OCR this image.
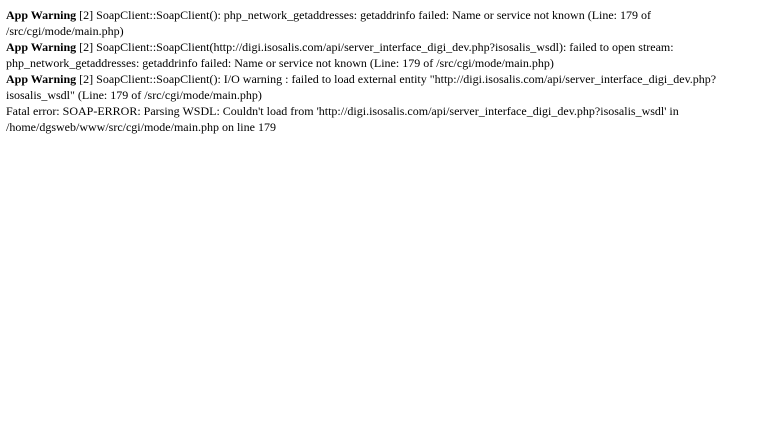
App Warning [2] SoapClient::SoapClient(): php_network_getaddresses: getaddrinfo failed: Name or service not known (Line: 179 of /src/cgi/mode/main.php)

App Warning [2] SoapClient::SoapClient(http://digi.isosalis.com/api/server_interface_digi_dev.php?isosalis_wsdl): failed to open stream: php_network_getaddresses: getaddrinfo failed: Name or service not known (Line: 179 of /src/cgi/mode/main.php)

App Warning [2] SoapClient::SoapClient(): I/O warning : failed to load external entity "http://digi.isosalis.com/api/server_interface_digi_dev.php?isosalis_wsdl" (Line: 179 of /src/cgi/mode/main.php)

Fatal error: SOAP-ERROR: Parsing WSDL: Couldn't load from 'http://digi.isosalis.com/api/server_interface_digi_dev.php?isosalis_wsdl' in /home/dgsweb/www/src/cgi/mode/main.php on line 179
